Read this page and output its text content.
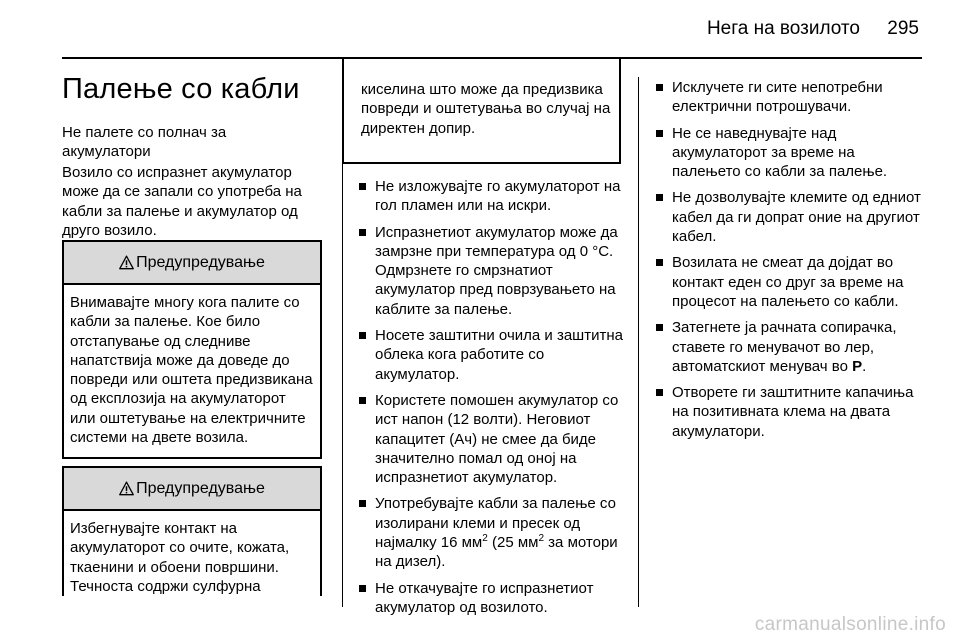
Нега на возилото 295
Палење со кабли

Не палете со полнач за акумулатори

Возило со испразнет акумулатор може да се запали со употреба на кабли за палење и акумулатор од друго возило.

Предупредување
Внимавајте многу кога палите со кабли за палење. Кое било отстапување од следниве напатствија може да доведе до повреди или оштета предизвикана од експлозија на акумулаторот или оштетување на електричните системи на двете возила.
Предупредување
Избегнувајте контакт на акумулаторот со очите, кожата, ткаенини и обоени површини. Течноста содржи сулфурна
киселина што може да предизвика повреди и оштетувања во случај на директен допир.
Не изложувајте го акумулаторот на гол пламен или на искри.
Испразнетиот акумулатор може да замрзне при температура од 0 °C. Одмрзнете го смрзнатиот акумулатор пред поврзувањето на каблите за палење.
Носете заштитни очила и заштитна облека кога работите со акумулатор.
Користете помошен акумулатор со ист напон (12 волти). Неговиот капацитет (Ач) не смее да биде значително помал од оној на испразнетиот акумулатор.
Употребувајте кабли за палење со изолирани клеми и пресек од најмалку 16 $мм^2$ (25 $мм^2$ за мотори на дизел).
Не откачувајте го испразнетиот акумулатор од возилото.
Исклучете ги сите непотребни електрични потрошувачи.
Не се наведнувајте над акумулаторот за време на палењето со кабли за палење.
Не дозволувајте клемите од едниот кабел да ги допрат оние на другиот кабел.
Возилата не смеат да дојдат во контакт еден со друг за време на процесот на палењето со кабли.
Затегнете ја рачната сопирачка, ставете го менувачот во лер, автоматскиот менувач во P.
Отворете ги заштитните капачиња на позитивната клема на двата акумулатори.
carmanualsonline.info
